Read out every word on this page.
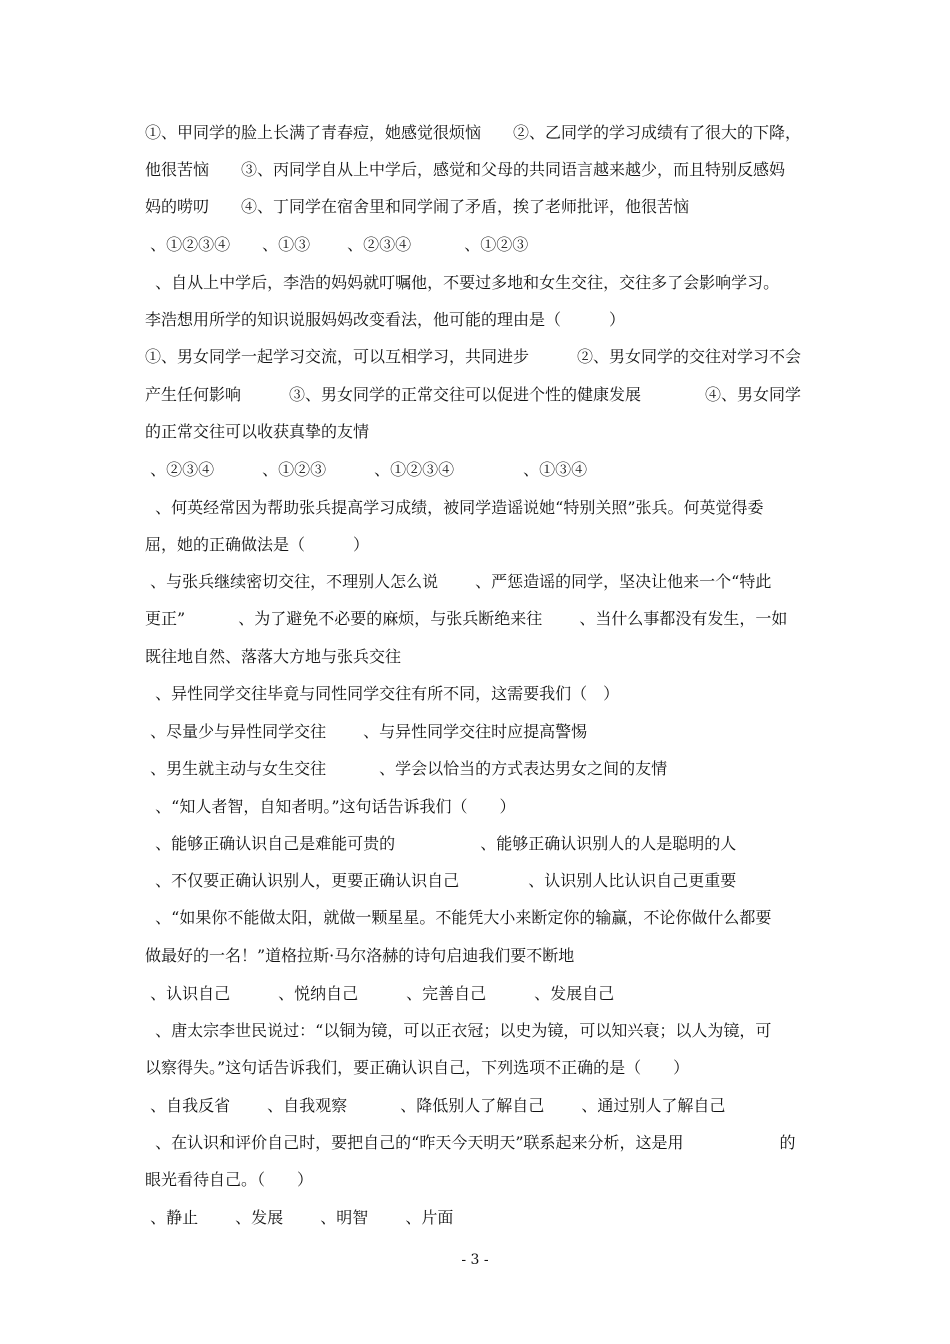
①、甲同学的脸上长满了青春痘，她感觉很烦恼　　②、乙同学的学习成绩有了很大的下降，
他很苦恼　　③、丙同学自从上中学后，感觉和父母的共同语言越来越少，而且特别反感妈
妈的唠叨　　④、丁同学在宿舍里和同学闹了矛盾，挨了老师批评，他很苦恼
、①②③④　　、①③　　 、②③④　　　 、①②③
、自从上中学后，李浩的妈妈就叮嘱他，不要过多地和女生交往，交往多了会影响学习。
李浩想用所学的知识说服妈妈改变看法，他可能的理由是（　　　）
①、男女同学一起学习交流，可以互相学习，共同进步　　　②、男女同学的交往对学习不会
产生任何影响　　　③、男女同学的正常交往可以促进个性的健康发展　　　　④、男女同学
的正常交往可以收获真挚的友情
、②③④　　　、①②③　　　、①②③④　　　　 、①③④
、何英经常因为帮助张兵提高学习成绩，被同学造谣说她“特别关照”张兵。何英觉得委
屈，她的正确做法是（　　　）
、与张兵继续密切交往，不理别人怎么说　　 、严惩造谣的同学，坚决让他来一个“特此
更正”　　　 、为了避免不必要的麻烦，与张兵断绝来往　　 、当什么事都没有发生，一如
既往地自然、落落大方地与张兵交往
、异性同学交往毕竟与同性同学交往有所不同，这需要我们（　）
、尽量少与异性同学交往　　 、与异性同学交往时应提高警惕
、男生就主动与女生交往　　　 、学会以恰当的方式表达男女之间的友情
、“知人者智，自知者明。”这句话告诉我们（　　）
、能够正确认识自己是难能可贵的　　　　　 、能够正确认识别人的人是聪明的人
、不仅要正确认识别人，更要正确认识自己　　　　 、认识别人比认识自己更重要
、“如果你不能做太阳，就做一颗星星。不能凭大小来断定你的输赢，不论你做什么都要
做最好的一名！”道格拉斯·马尔洛赫的诗句启迪我们要不断地
、认识自己　　　、悦纳自己　　　、完善自己　　　、发展自己
、唐太宗李世民说过：“以铜为镜，可以正衣冠；以史为镜，可以知兴衰；以人为镜，可
以察得失。”这句话告诉我们，要正确认识自己，下列选项不正确的是（　　）
、自我反省　　 、自我观察　　　 、降低别人了解自己　　 、通过别人了解自己
、在认识和评价自己时，要把自己的“昨天今天明天”联系起来分析，这是用　　　　　　的
眼光看待自己。（　　）
、静止　　 、发展　　 、明智　　 、片面
- 3 -
